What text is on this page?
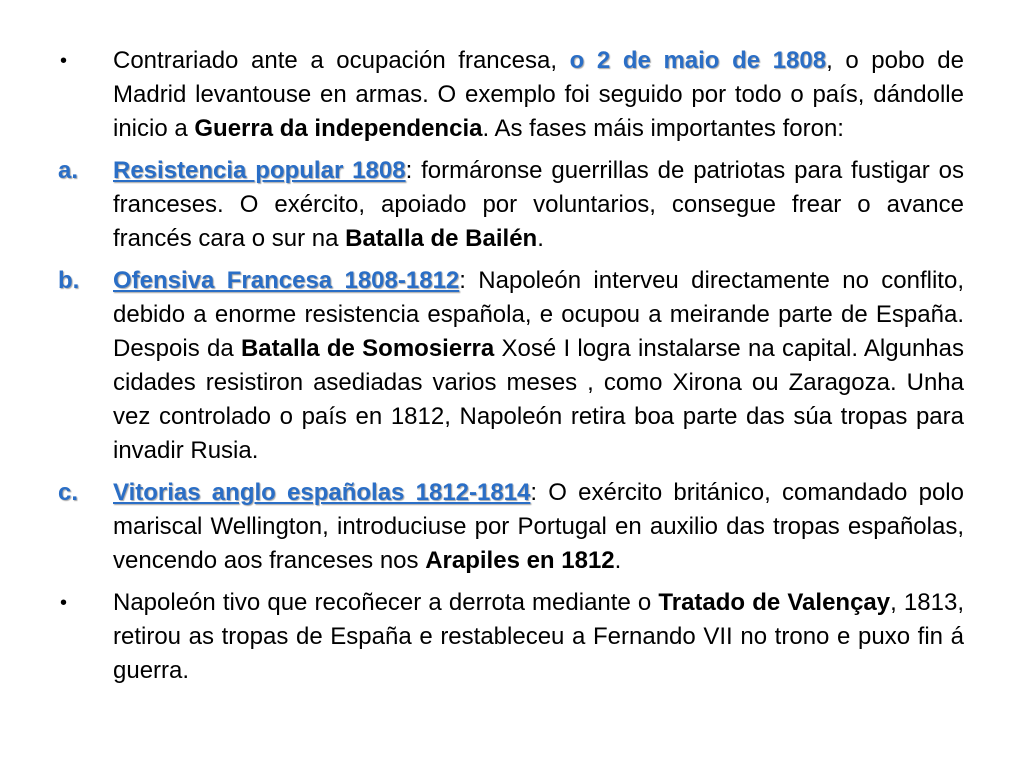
•	Contrariado ante a ocupación francesa, o 2 de maio de 1808, o pobo de Madrid levantouse en armas. O exemplo foi seguido por todo o país, dándolle inicio a Guerra da independencia. As fases máis importantes foron:
a.	Resistencia popular 1808: formáronse guerrillas de patriotas para fustigar os franceses. O exército, apoiado por voluntarios, consegue frear o avance francés cara o sur na Batalla de Bailén.
b.	Ofensiva Francesa 1808-1812: Napoleón interveu directamente no conflito, debido a enorme resistencia española, e ocupou a meirande parte de España. Despois da Batalla de Somosierra Xosé I logra instalarse na capital. Algunhas cidades resistiron asediadas varios meses , como Xirona ou Zaragoza. Unha vez controlado o país en 1812, Napoleón retira boa parte das súa tropas para invadir Rusia.
c.	Vitorias anglo españolas 1812-1814: O exército británico, comandado polo mariscal Wellington, introduciuse por Portugal en auxilio das tropas españolas, vencendo aos franceses nos Arapiles en 1812.
•	Napoleón tivo que recoñecer a derrota mediante o Tratado de Valençay, 1813, retirou as tropas de España e restableceu a Fernando VII no trono e puxo fin á guerra.
